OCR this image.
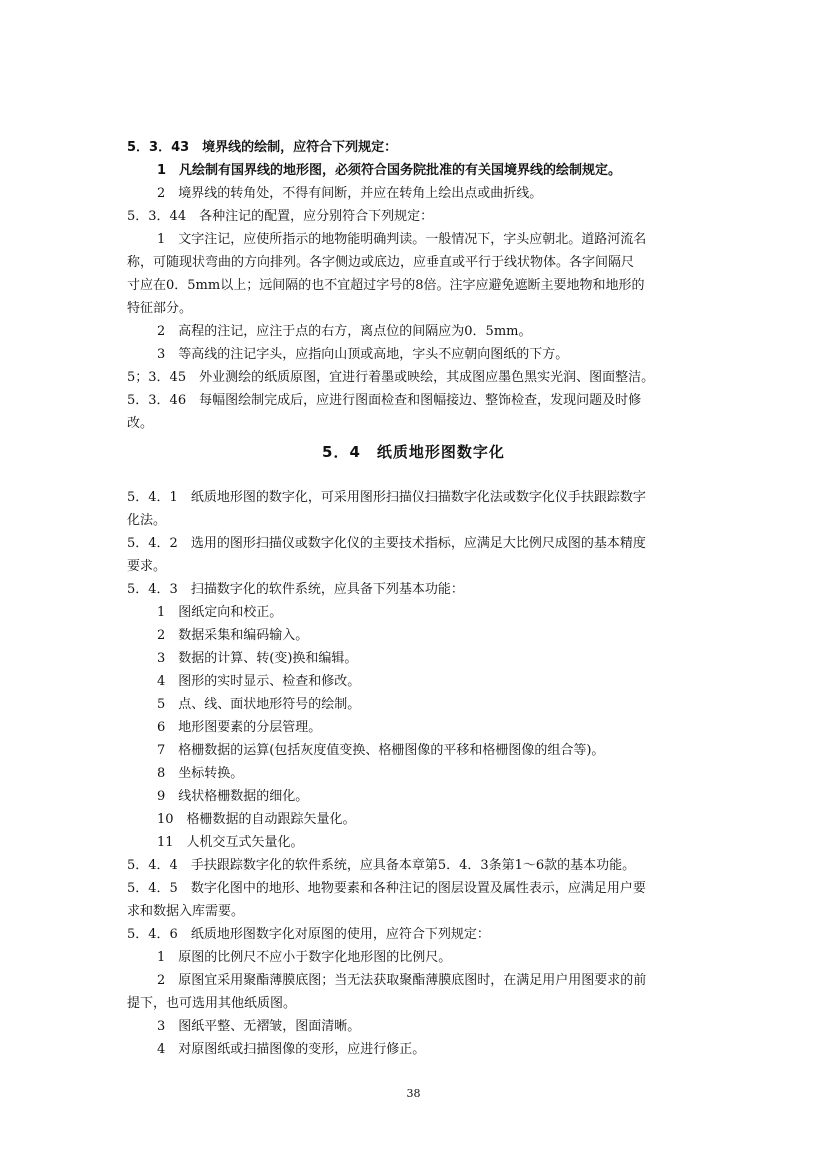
5．3．43　境界线的绘制，应符合下列规定：
1　凡绘制有国界线的地形图，必须符合国务院批准的有关国境界线的绘制规定。
2　境界线的转角处，不得有间断，并应在转角上绘出点或曲折线。
5．3．44　各种注记的配置，应分别符合下列规定：
1　文字注记，应使所指示的地物能明确判读。一般情况下，字头应朝北。道路河流名
称，可随现状弯曲的方向排列。各字侧边或底边，应垂直或平行于线状物体。各字间隔尺
寸应在0．5mm以上；远间隔的也不宜超过字号的8倍。注字应避免遮断主要地物和地形的
特征部分。
2　高程的注记，应注于点的右方，离点位的间隔应为0．5mm。
3　等高线的注记字头，应指向山顶或高地，字头不应朝向图纸的下方。
5；3．45　外业测绘的纸质原图，宜进行着墨或映绘，其成图应墨色黑实光润、图面整洁。
5．3．46　每幅图绘制完成后，应进行图面检查和图幅接边、整饰检查，发现问题及时修
改。
5．4　纸质地形图数字化
5．4．1　纸质地形图的数字化，可采用图形扫描仪扫描数字化法或数字化仪手扶跟踪数字
化法。
5．4．2　选用的图形扫描仪或数字化仪的主要技术指标，应满足大比例尺成图的基本精度
要求。
5．4．3　扫描数字化的软件系统，应具备下列基本功能：
1　图纸定向和校正。
2　数据采集和编码输入。
3　数据的计算、转(变)换和编辑。
4　图形的实时显示、检查和修改。
5　点、线、面状地形符号的绘制。
6　地形图要素的分层管理。
7　格栅数据的运算(包括灰度值变换、格栅图像的平移和格栅图像的组合等)。
8　坐标转换。
9　线状格栅数据的细化。
10　格栅数据的自动跟踪矢量化。
11　人机交互式矢量化。
5．4．4　手扶跟踪数字化的软件系统，应具备本章第5．4．3条第1～6款的基本功能。
5．4．5　数字化图中的地形、地物要素和各种注记的图层设置及属性表示，应满足用户要
求和数据入库需要。
5．4．6　纸质地形图数字化对原图的使用，应符合下列规定：
1　原图的比例尺不应小于数字化地形图的比例尺。
2　原图宜采用聚酯薄膜底图；当无法获取聚酯薄膜底图时，在满足用户用图要求的前
提下，也可选用其他纸质图。
3　图纸平整、无褶皱，图面清晰。
4　对原图纸或扫描图像的变形，应进行修正。
38
